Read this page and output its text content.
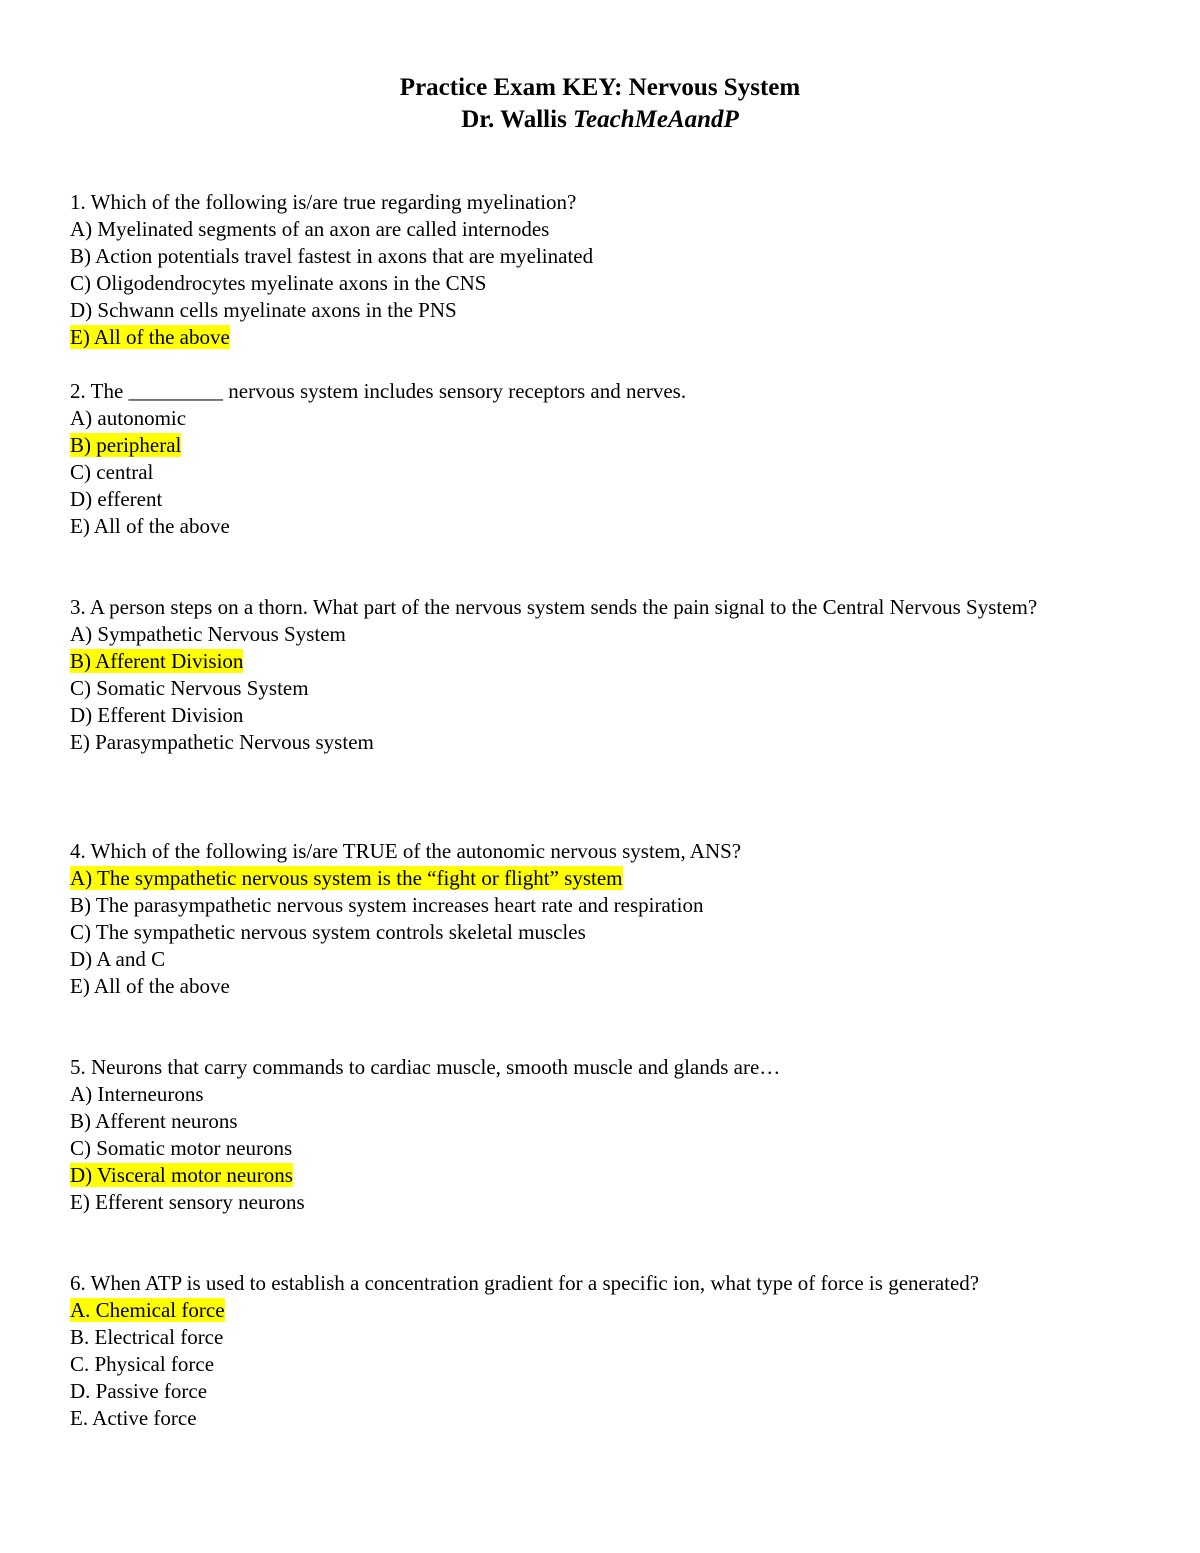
Practice Exam KEY: Nervous System
Dr. Wallis TeachMeAandP
1. Which of the following is/are true regarding myelination?
A) Myelinated segments of an axon are called internodes
B) Action potentials travel fastest in axons that are myelinated
C) Oligodendrocytes myelinate axons in the CNS
D) Schwann cells myelinate axons in the PNS
E) All of the above
2. The _________ nervous system includes sensory receptors and nerves.
A) autonomic
B) peripheral
C) central
D) efferent
E) All of the above
3. A person steps on a thorn. What part of the nervous system sends the pain signal to the Central Nervous System?
A) Sympathetic Nervous System
B) Afferent Division
C) Somatic Nervous System
D) Efferent Division
E) Parasympathetic Nervous system
4. Which of the following is/are TRUE of the autonomic nervous system, ANS?
A) The sympathetic nervous system is the “fight or flight” system
B) The parasympathetic nervous system increases heart rate and respiration
C) The sympathetic nervous system controls skeletal muscles
D) A and C
E) All of the above
5. Neurons that carry commands to cardiac muscle, smooth muscle and glands are…
A) Interneurons
B) Afferent neurons
C) Somatic motor neurons
D) Visceral motor neurons
E) Efferent sensory neurons
6. When ATP is used to establish a concentration gradient for a specific ion, what type of force is generated?
A. Chemical force
B. Electrical force
C. Physical force
D. Passive force
E. Active force
